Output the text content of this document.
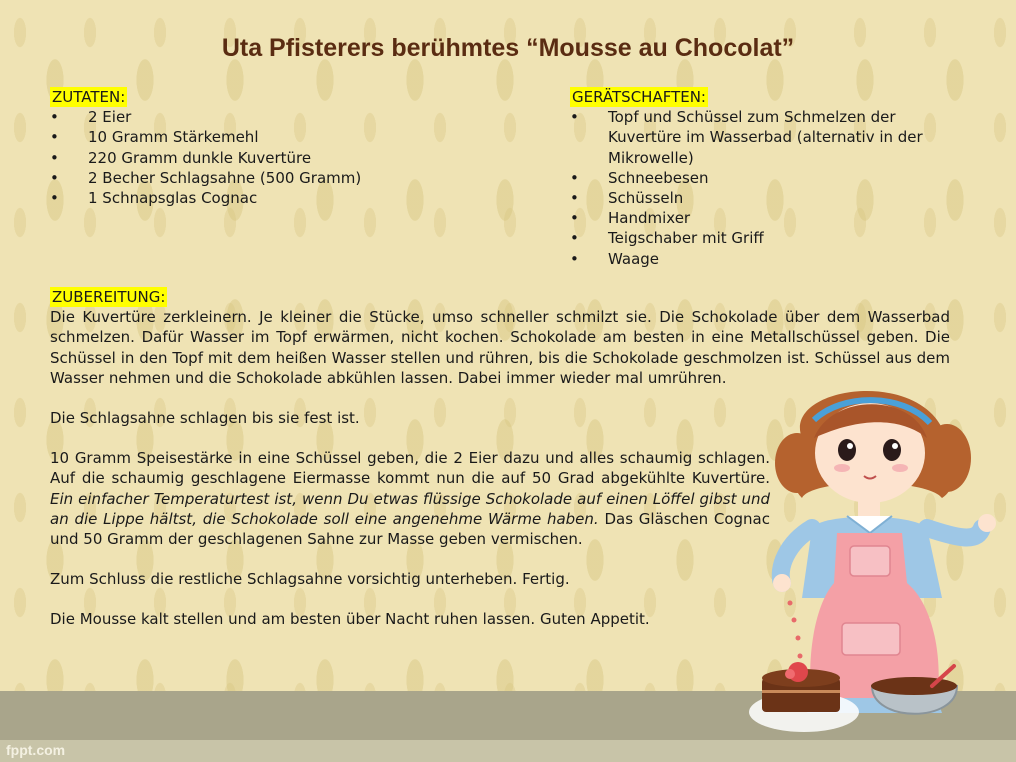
fppt.com
Uta Pfisterers berühmtes “Mousse au Chocolat”
ZUTATEN:
• 2 Eier
• 10 Gramm Stärkemehl
• 220 Gramm dunkle Kuvertüre
• 2 Becher Schlagsahne (500 Gramm)
• 1 Schnapsglas Cognac
GERÄTSCHAFTEN:
• Topf und Schüssel zum Schmelzen der Kuvertüre im Wasserbad (alternativ in der Mikrowelle)
• Schneebesen
• Schüsseln
• Handmixer
• Teigschaber mit Griff
• Waage
ZUBEREITUNG:

Die Kuvertüre zerkleinern. Je kleiner die Stücke, umso schneller schmilzt sie. Die Schokolade über dem Wasserbad schmelzen. Dafür Wasser im Topf erwärmen, nicht kochen. Schokolade am besten in eine Metallschüssel geben. Die Schüssel in den Topf mit dem heißen Wasser stellen und rühren, bis die Schokolade geschmolzen ist. Schüssel aus dem Wasser nehmen und die Schokolade abkühlen lassen. Dabei immer wieder mal umrühren.

Die Schlagsahne schlagen bis sie fest ist.

10 Gramm Speisestärke in eine Schüssel geben, die 2 Eier dazu und alles schaumig schlagen. Auf die schaumig geschlagene Eiermasse kommt nun die auf 50 Grad abgekühlte Kuvertüre. Ein einfacher Temperaturtest ist, wenn Du etwas flüssige Schokolade auf einen Löffel gibst und an die Lippe hältst, die Schokolade soll eine angenehme Wärme haben. Das Gläschen Cognac und 50 Gramm der geschlagenen Sahne zur Masse geben vermischen.

Zum Schluss die restliche Schlagsahne vorsichtig unterheben. Fertig.

Die Mousse kalt stellen und am besten über Nacht ruhen lassen. Guten Appetit.
